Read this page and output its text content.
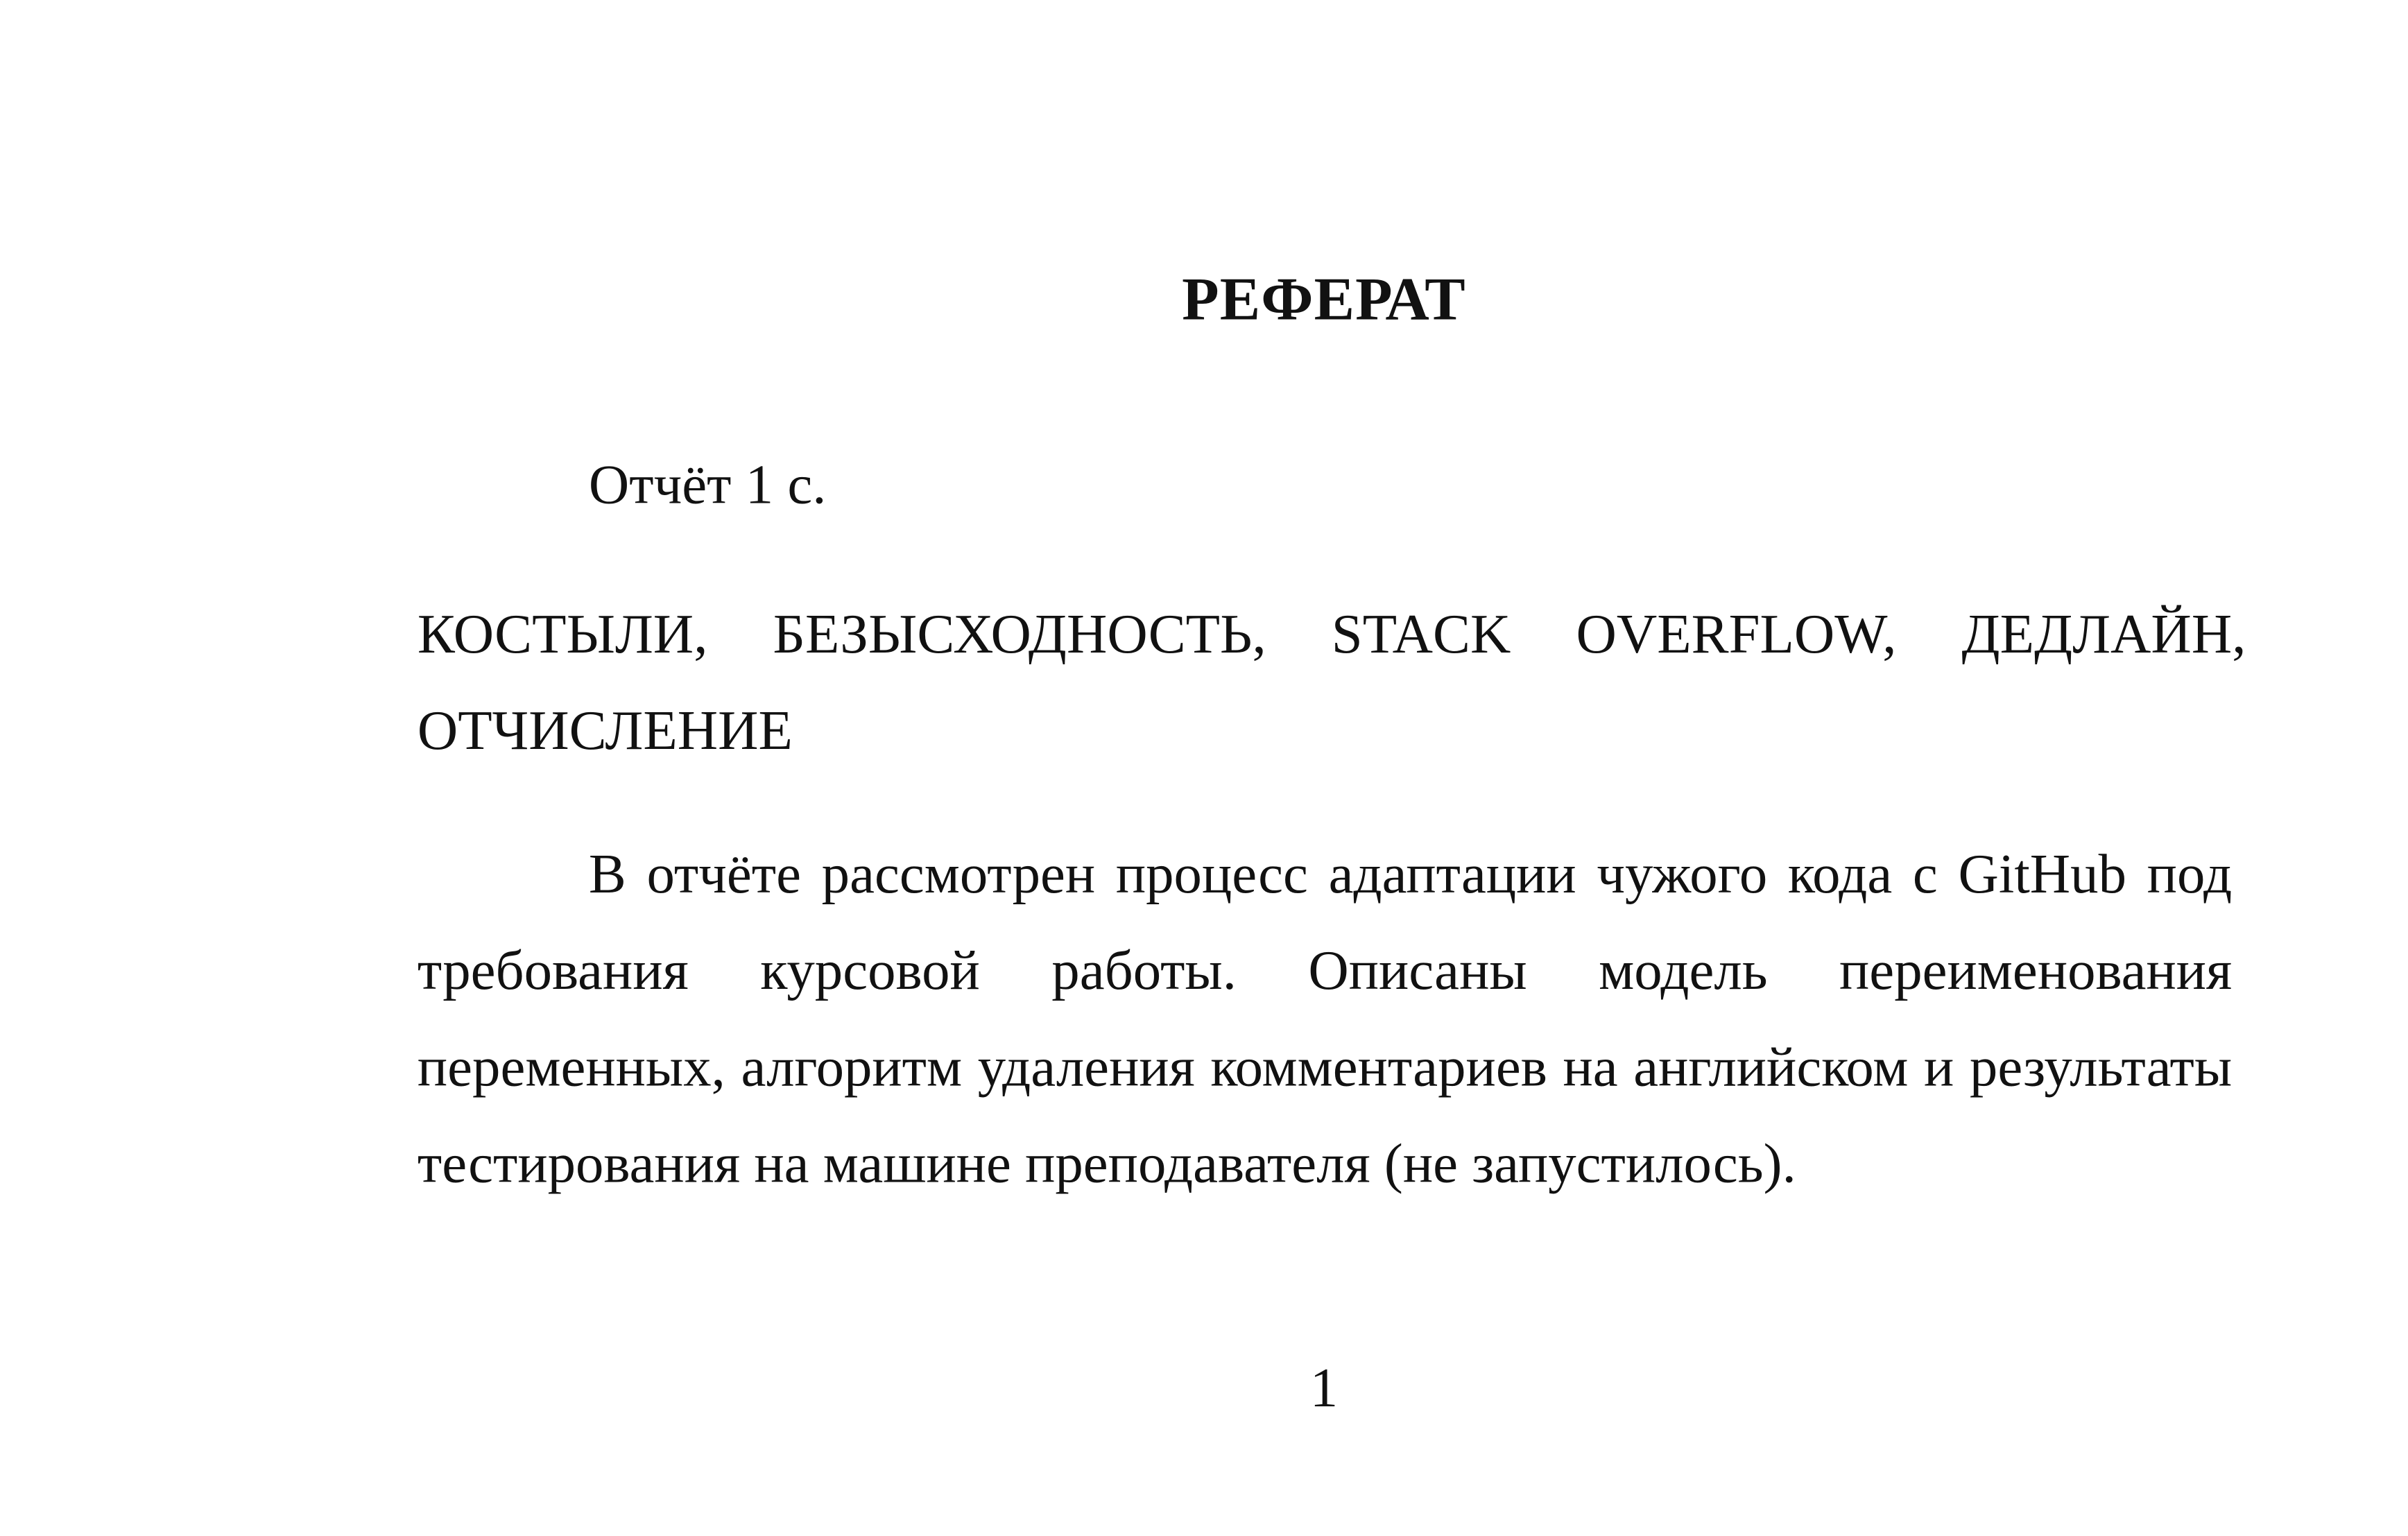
РЕФЕРАТ

Отчёт 1 с.

КОСТЫЛИ, БЕЗЫСХОДНОСТЬ, STACK OVERFLOW, ДЕДЛАЙН, ОТЧИСЛЕНИЕ

В отчёте рассмотрен процесс адаптации чужого кода с GitHub под требования курсовой работы. Описаны модель переименования переменных, алгоритм удаления комментариев на английском и результаты тестирования на машине преподавателя (не запустилось).

1
